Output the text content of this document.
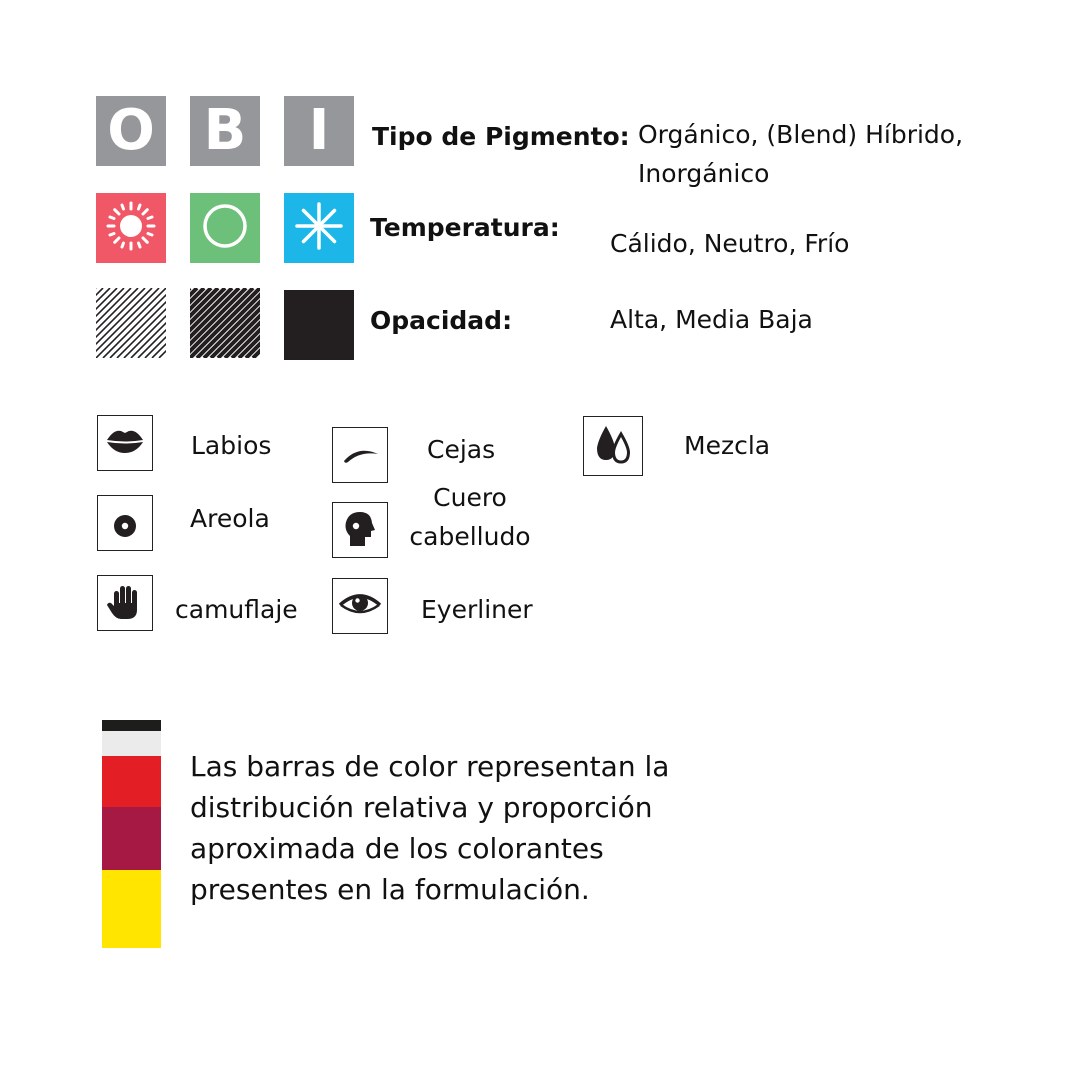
O B I Tipo de Pigmento: Orgánico, (Blend) Híbrido,
Inorgánico
Temperatura:
Cálido, Neutro, Frío
Opacidad:	Alta, Media Baja
Labios	Cejas	Mezcla
Areola
Cuero
cabelludo
camuflaje	Eyerliner
Las barras de color representan la
distribución relativa y proporción
aproximada de los colorantes
presentes en la formulación.
